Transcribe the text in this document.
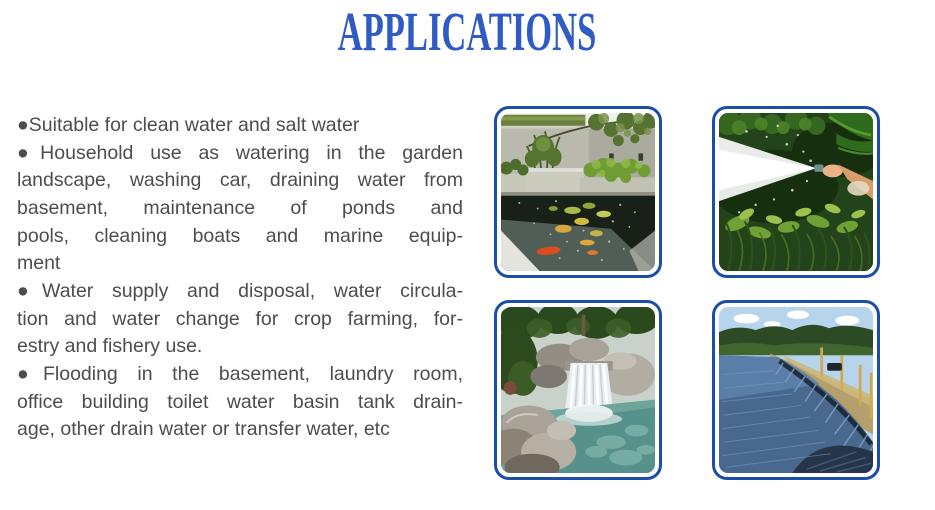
APPLICATIONS
●Suitable for clean water and salt water
●Household use as watering in the garden
landscape, washing car, draining water from
basement, maintenance of ponds and
pools, cleaning boats and marine equip-
ment
●Water supply and disposal, water circula-
tion and water change for crop farming, for-
estry and fishery use.
●Flooding in the basement, laundry room,
office building toilet water basin tank drain-
age, other drain water or transfer water, etc
